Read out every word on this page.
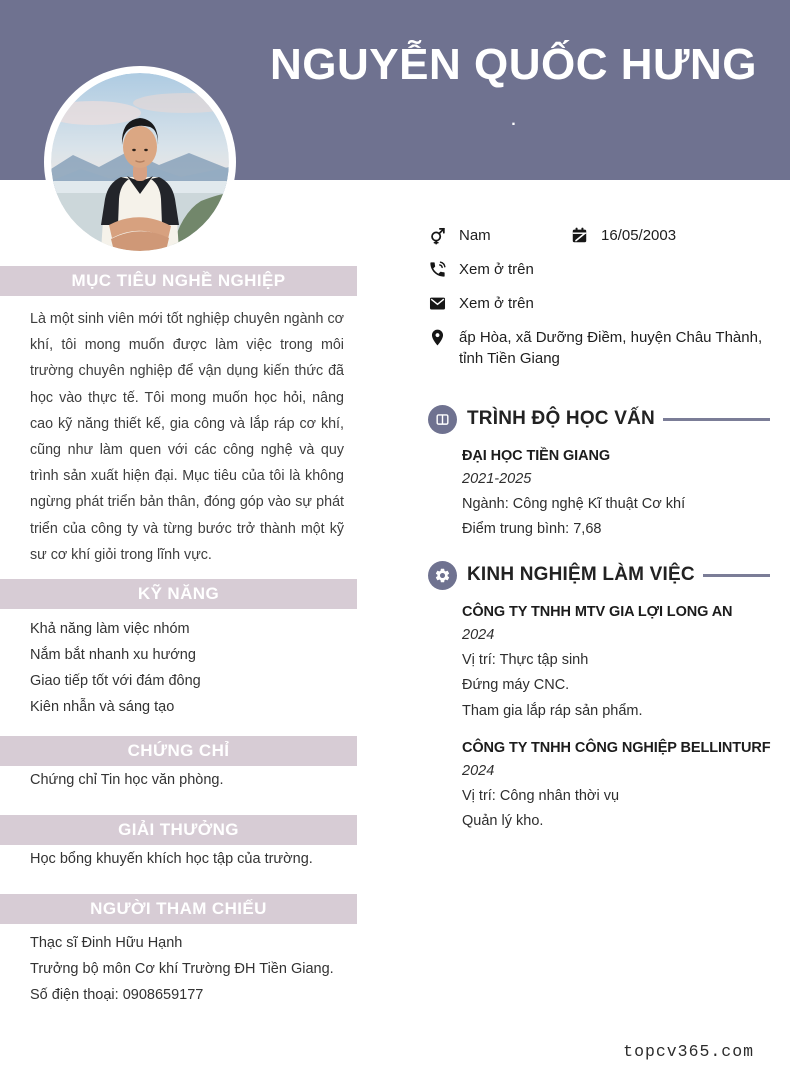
NGUYỄN QUỐC HƯNG
.
MỤC TIÊU NGHỀ NGHIỆP
Là một sinh viên mới tốt nghiệp chuyên ngành cơ khí, tôi mong muốn được làm việc trong môi trường chuyên nghiệp để vận dụng kiến thức đã học vào thực tế. Tôi mong muốn học hỏi, nâng cao kỹ năng thiết kế, gia công và lắp ráp cơ khí, cũng như làm quen với các công nghệ và quy trình sản xuất hiện đại. Mục tiêu của tôi là không ngừng phát triển bản thân, đóng góp vào sự phát triển của công ty và từng bước trở thành một kỹ sư cơ khí giỏi trong lĩnh vực.
KỸ NĂNG
Khả năng làm việc nhóm
Nắm bắt nhanh xu hướng
Giao tiếp tốt với đám đông
Kiên nhẫn và sáng tạo
CHỨNG CHỈ
Chứng chỉ Tin học văn phòng.
GIẢI THƯỞNG
Học bổng khuyến khích học tập của trường.
NGƯỜI THAM CHIẾU
Thạc sĩ Đinh Hữu Hạnh
Trưởng bộ môn Cơ khí Trường ĐH Tiền Giang.
Số điện thoại: 0908659177
Nam	16/05/2003
Xem ở trên
Xem ở trên
ấp Hòa, xã Dưỡng Điềm, huyện Châu Thành, tỉnh Tiền Giang
TRÌNH ĐỘ HỌC VẤN
ĐẠI HỌC TIỀN GIANG
2021-2025
Ngành: Công nghệ Kĩ thuật Cơ khí
Điểm trung bình: 7,68
KINH NGHIỆM LÀM VIỆC
CÔNG TY TNHH MTV GIA LỢI LONG AN
2024
Vị trí: Thực tập sinh
Đứng máy CNC.
Tham gia lắp ráp sản phẩm.
CÔNG TY TNHH CÔNG NGHIỆP BELLINTURF
2024
Vị trí: Công nhân thời vụ
Quản lý kho.
topcv365.com
